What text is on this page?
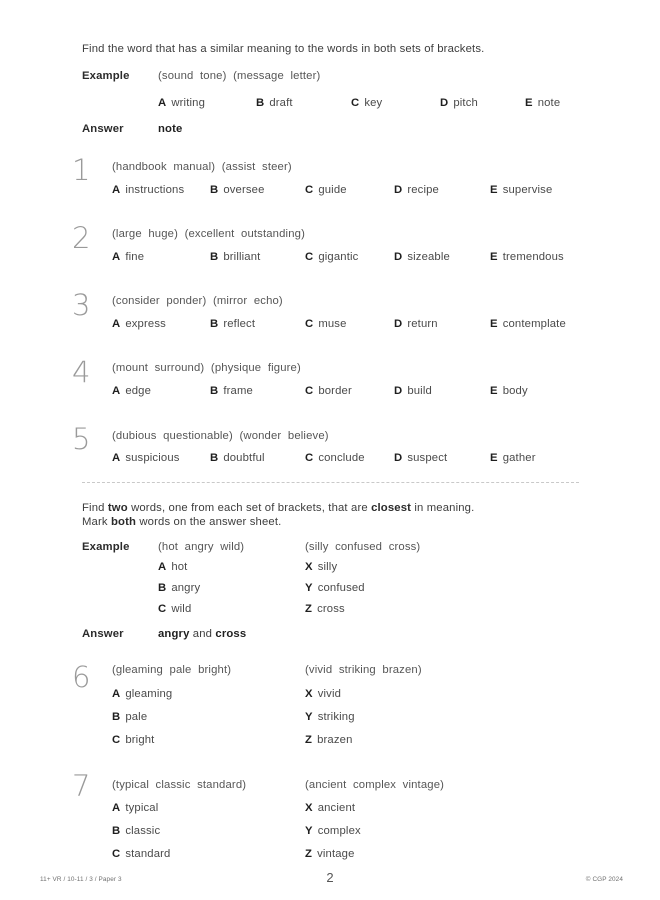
Find the word that has a similar meaning to the words in both sets of brackets.
Example	(sound  tone)  (message  letter)
A writing	B draft	C key	D pitch	E note
Answer	note
1 (handbook  manual)  (assist  steer)
A instructions B oversee	C guide	D recipe	E supervise
2 (large  huge)  (excellent  outstanding)
A fine	B brilliant	C gigantic	D sizeable	E tremendous
3 (consider  ponder)  (mirror  echo)
A express	B reflect	C muse	D return	E contemplate
4 (mount  surround)  (physique  figure)
A edge	B frame	C border	D build	E body
5 (dubious  questionable)  (wonder  believe)
A suspicious	B doubtful	C conclude	D suspect	E gather
Find two words, one from each set of brackets, that are closest in meaning.
Mark both words on the answer sheet.
Example	(hot  angry  wild)	(silly  confused  cross)
A hot
B angry
C wild
X silly
Y confused
Z cross
Answer	angry and cross
6 (gleaming  pale  bright)	(vivid  striking  brazen)
A gleaming
B pale
C bright
X vivid
Y striking
Z brazen
7 (typical  classic  standard)	(ancient  complex  vintage)
A typical
B classic
C standard
X ancient
Y complex
Z vintage
11+ VR / 10-11 / 3 / Paper 3	2	© CGP 2024
